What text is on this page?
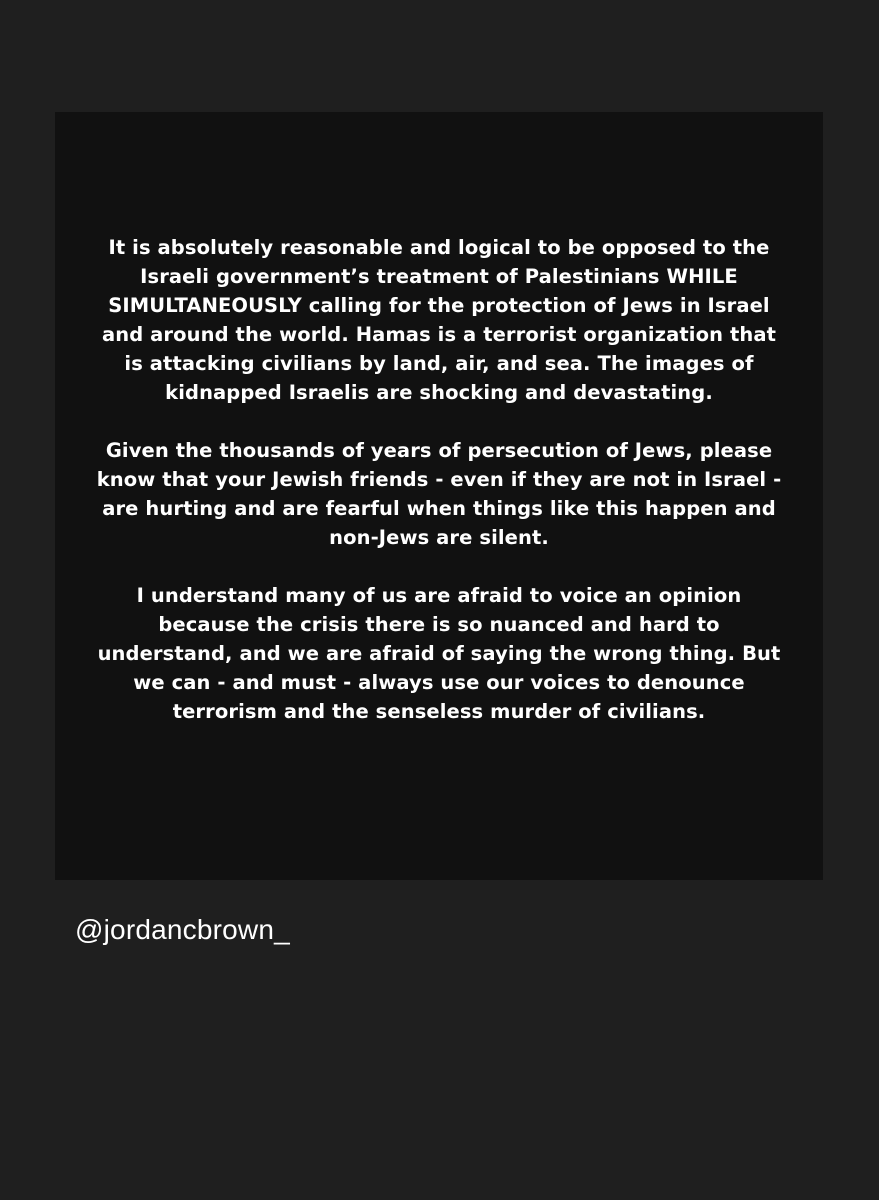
It is absolutely reasonable and logical to be opposed to the
Israeli government’s treatment of Palestinians WHILE
SIMULTANEOUSLY calling for the protection of Jews in Israel
and around the world. Hamas is a terrorist organization that
is attacking civilians by land, air, and sea. The images of
kidnapped Israelis are shocking and devastating.

Given the thousands of years of persecution of Jews, please
know that your Jewish friends - even if they are not in Israel -
are hurting and are fearful when things like this happen and
non-Jews are silent.

I understand many of us are afraid to voice an opinion
because the crisis there is so nuanced and hard to
understand, and we are afraid of saying the wrong thing. But
we can - and must - always use our voices to denounce
terrorism and the senseless murder of civilians.

@jordancbrown_
